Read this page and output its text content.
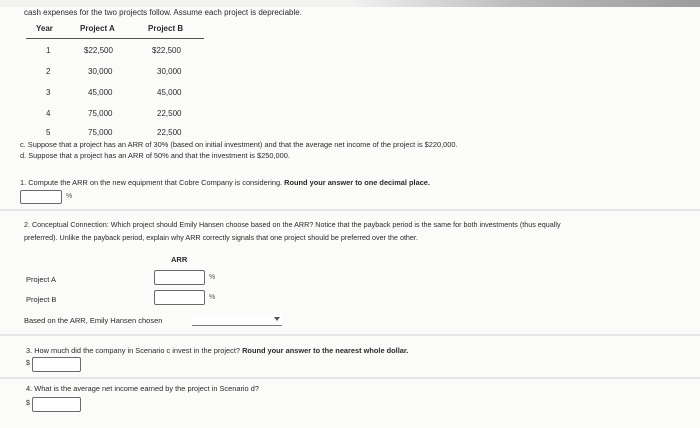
cash expenses for the two projects follow. Assume each project is depreciable.
Year	Project A	Project B
1	$22,500	$22,500
2	30,000	30,000
3	45,000	45,000
4	75,000	22,500
5	75,000	22,500
c. Suppose that a project has an ARR of 30% (based on initial investment) and that the average net income of the project is $220,000.
d. Suppose that a project has an ARR of 50% and that the investment is $250,000.
1. Compute the ARR on the new equipment that Cobre Company is considering. Round your answer to one decimal place.
%
2. Conceptual Connection: Which project should Emily Hansen choose based on the ARR? Notice that the payback period is the same for both investments (thus equally
preferred). Unlike the payback period, explain why ARR correctly signals that one project should be preferred over the other.
ARR
Project A	%
Project B	%
Based on the ARR, Emily Hansen chosen
3. How much did the company in Scenario c invest in the project? Round your answer to the nearest whole dollar.
$
4. What is the average net income earned by the project in Scenario d?
$
